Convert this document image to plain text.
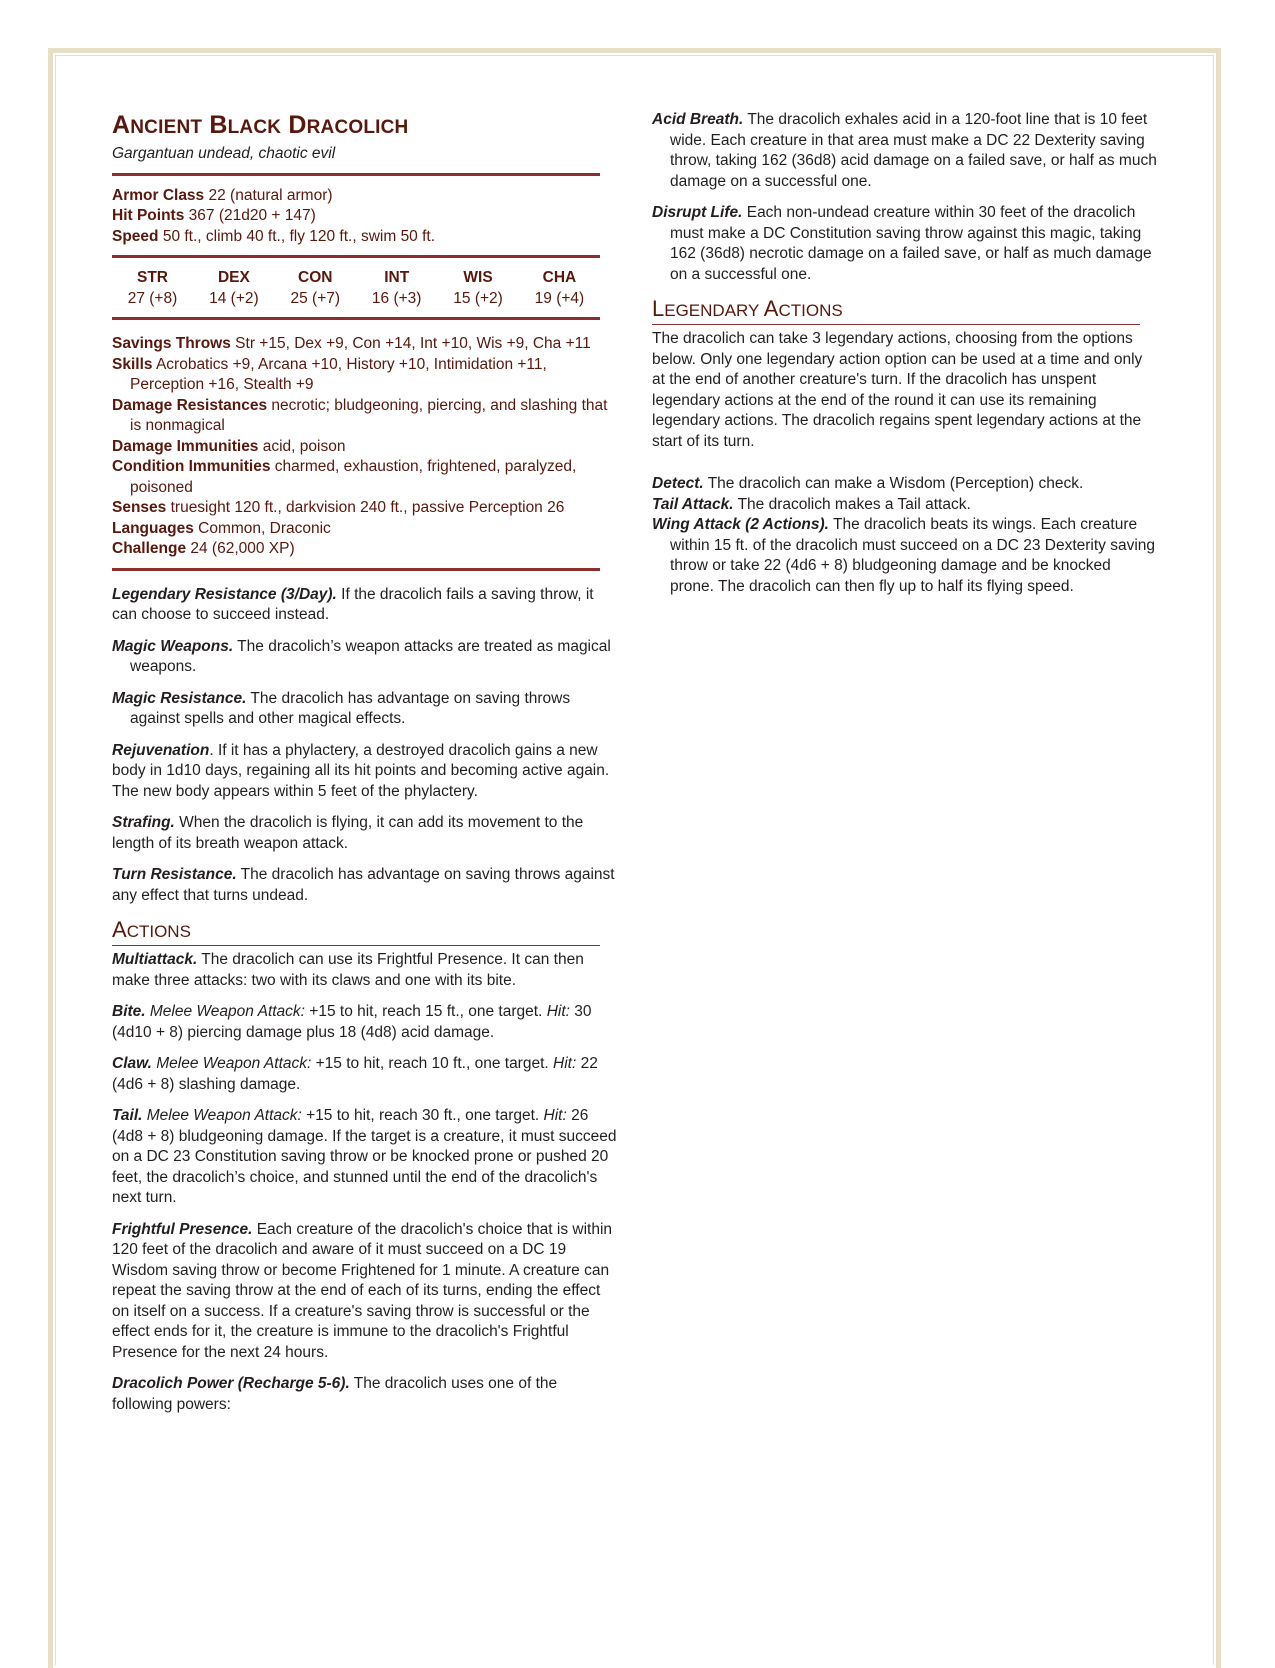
ANCIENT BLACK DRACOLICH
Gargantuan undead, chaotic evil
Armor Class 22 (natural armor)
Hit Points 367 (21d20 + 147)
Speed 50 ft., climb 40 ft., fly 120 ft., swim 50 ft.
STR
27 (+8)
DEX
14 (+2)
CON
25 (+7)
INT
16 (+3)
WIS
15 (+2)
CHA
19 (+4)
Savings Throws Str +15, Dex +9, Con +14, Int +10, Wis +9, Cha +11
Skills Acrobatics +9, Arcana +10, History +10, Intimidation +11, Perception +16, Stealth +9
Damage Resistances necrotic; bludgeoning, piercing, and slashing that is nonmagical
Damage Immunities acid, poison
Condition Immunities charmed, exhaustion, frightened, paralyzed, poisoned
Senses truesight 120 ft., darkvision 240 ft., passive Perception 26
Languages Common, Draconic
Challenge 24 (62,000 XP)

Legendary Resistance (3/Day). If the dracolich fails a saving throw, it can choose to succeed instead.

Magic Weapons. The dracolich’s weapon attacks are treated as magical weapons.

Magic Resistance. The dracolich has advantage on saving throws against spells and other magical effects.

Rejuvenation. If it has a phylactery, a destroyed dracolich gains a new body in 1d10 days, regaining all its hit points and becoming active again. The new body appears within 5 feet of the phylactery.

Strafing. When the dracolich is flying, it can add its movement to the length of its breath weapon attack.

Turn Resistance. The dracolich has advantage on saving throws against any effect that turns undead.

ACTIONS

Multiattack. The dracolich can use its Frightful Presence. It can then make three attacks: two with its claws and one with its bite.

Bite. Melee Weapon Attack: +15 to hit, reach 15 ft., one target. Hit: 30 (4d10 + 8) piercing damage plus 18 (4d8) acid damage.

Claw. Melee Weapon Attack: +15 to hit, reach 10 ft., one target. Hit: 22 (4d6 + 8) slashing damage.

Tail. Melee Weapon Attack: +15 to hit, reach 30 ft., one target. Hit: 26 (4d8 + 8) bludgeoning damage. If the target is a creature, it must succeed on a DC 23 Constitution saving throw or be knocked prone or pushed 20 feet, the dracolich’s choice, and stunned until the end of the dracolich's next turn.

Frightful Presence. Each creature of the dracolich's choice that is within 120 feet of the dracolich and aware of it must succeed on a DC 19 Wisdom saving throw or become Frightened for 1 minute. A creature can repeat the saving throw at the end of each of its turns, ending the effect on itself on a success. If a creature's saving throw is successful or the effect ends for it, the creature is immune to the dracolich's Frightful Presence for the next 24 hours.

Dracolich Power (Recharge 5-6). The dracolich uses one of the following powers:

Acid Breath. The dracolich exhales acid in a 120-foot line that is 10 feet wide. Each creature in that area must make a DC 22 Dexterity saving throw, taking 162 (36d8) acid damage on a failed save, or half as much damage on a successful one.

Disrupt Life. Each non-undead creature within 30 feet of the dracolich must make a DC Constitution saving throw against this magic, taking 162 (36d8) necrotic damage on a failed save, or half as much damage on a successful one.

LEGENDARY ACTIONS

The dracolich can take 3 legendary actions, choosing from the options below. Only one legendary action option can be used at a time and only at the end of another creature's turn. If the dracolich has unspent legendary actions at the end of the round it can use its remaining legendary actions. The dracolich regains spent legendary actions at the start of its turn.

Detect. The dracolich can make a Wisdom (Perception) check.

Tail Attack. The dracolich makes a Tail attack.

Wing Attack (2 Actions). The dracolich beats its wings. Each creature within 15 ft. of the dracolich must succeed on a DC 23 Dexterity saving throw or take 22 (4d6 + 8) bludgeoning damage and be knocked prone. The dracolich can then fly up to half its flying speed.
